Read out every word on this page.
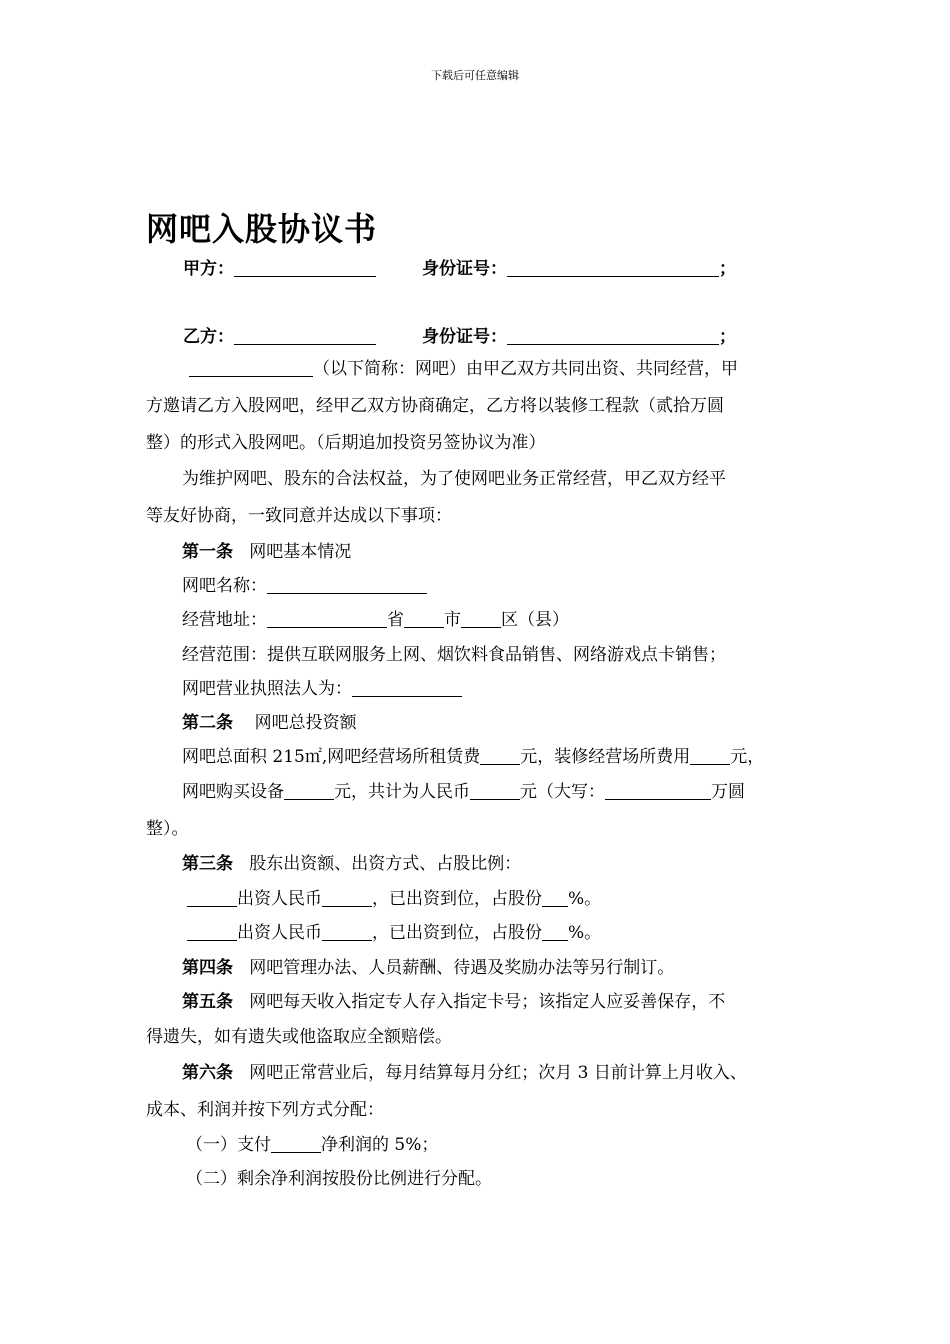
下载后可任意编辑
网吧入股协议书
甲方：	身份证号：	；
乙方：	身份证号：	；
（以下简称：网吧）由甲乙双方共同出资、共同经营，甲
方邀请乙方入股网吧，经甲乙双方协商确定，乙方将以装修工程款（贰拾万圆
整）的形式入股网吧。（后期追加投资另签协议为准）
为维护网吧、股东的合法权益，为了使网吧业务正常经营，甲乙双方经平
等友好协商，一致同意并达成以下事项：
第一条 网吧基本情况
网吧名称：
经营地址：	省 市 区（县）
经营范围：提供互联网服务上网、烟饮料食品销售、网络游戏点卡销售；
网吧营业执照法人为：
第二条 网吧总投资额
网吧总面积 215㎡,网吧经营场所租赁费 元，装修经营场所费用 元，
网吧购买设备	元，共计为人民币	元（大写：	万圆
整）。
第三条 股东出资额、出资方式、占股比例：
出资人民币	，已出资到位，占股份 %。
出资人民币	，已出资到位，占股份 %。
第四条 网吧管理办法、人员薪酬、待遇及奖励办法等另行制订。
第五条 网吧每天收入指定专人存入指定卡号；该指定人应妥善保存，不
得遗失，如有遗失或他盗取应全额赔偿。
第六条 网吧正常营业后，每月结算每月分红；次月 3 日前计算上月收入、
成本、利润并按下列方式分配：
（一）支付	净利润的 5%；
（二）剩余净利润按股份比例进行分配。
